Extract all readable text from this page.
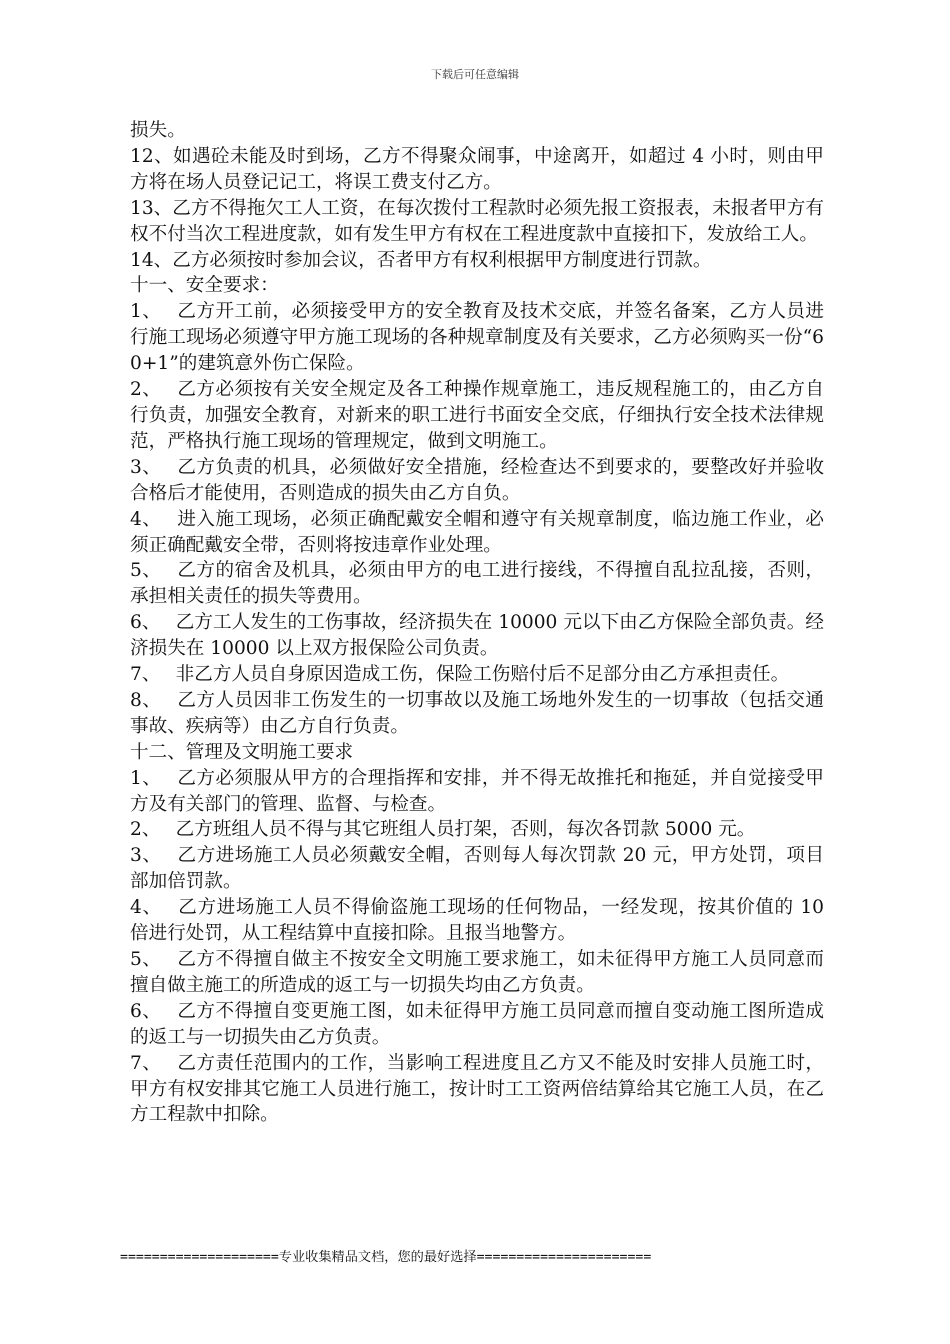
下载后可任意编辑

损失。

12、如遇砼未能及时到场，乙方不得聚众闹事，中途离开，如超过 4 小时，则由甲方将在场人员登记记工，将误工费支付乙方。

13、乙方不得拖欠工人工资，在每次拨付工程款时必须先报工资报表，未报者甲方有权不付当次工程进度款，如有发生甲方有权在工程进度款中直接扣下，发放给工人。

14、乙方必须按时参加会议，否者甲方有权利根据甲方制度进行罚款。

十一、安全要求：

1、　 乙方开工前，必须接受甲方的安全教育及技术交底，并签名备案，乙方人员进行施工现场必须遵守甲方施工现场的各种规章制度及有关要求，乙方必须购买一份“60+1”的建筑意外伤亡保险。

2、　 乙方必须按有关安全规定及各工种操作规章施工，违反规程施工的，由乙方自行负责，加强安全教育，对新来的职工进行书面安全交底，仔细执行安全技术法律规范，严格执行施工现场的管理规定，做到文明施工。

3、　 乙方负责的机具，必须做好安全措施，经检查达不到要求的，要整改好并验收合格后才能使用，否则造成的损失由乙方自负。

4、　 进入施工现场，必须正确配戴安全帽和遵守有关规章制度，临边施工作业，必须正确配戴安全带，否则将按违章作业处理。

5、　 乙方的宿舍及机具，必须由甲方的电工进行接线，不得擅自乱拉乱接，否则，承担相关责任的损失等费用。

6、　 乙方工人发生的工伤事故，经济损失在 10000 元以下由乙方保险全部负责。经济损失在 10000 以上双方报保险公司负责。

7、　 非乙方人员自身原因造成工伤，保险工伤赔付后不足部分由乙方承担责任。

8、　 乙方人员因非工伤发生的一切事故以及施工场地外发生的一切事故（包括交通事故、疾病等）由乙方自行负责。

十二、管理及文明施工要求

1、　 乙方必须服从甲方的合理指挥和安排，并不得无故推托和拖延，并自觉接受甲方及有关部门的管理、监督、与检查。

2、　 乙方班组人员不得与其它班组人员打架，否则，每次各罚款 5000 元。

3、　 乙方进场施工人员必须戴安全帽，否则每人每次罚款 20 元，甲方处罚，项目部加倍罚款。

4、　 乙方进场施工人员不得偷盗施工现场的任何物品，一经发现，按其价值的 10 倍进行处罚，从工程结算中直接扣除。且报当地警方。

5、　 乙方不得擅自做主不按安全文明施工要求施工，如未征得甲方施工人员同意而擅自做主施工的所造成的返工与一切损失均由乙方负责。

6、　 乙方不得擅自变更施工图，如未征得甲方施工员同意而擅自变动施工图所造成的返工与一切损失由乙方负责。

7、　 乙方责任范围内的工作，当影响工程进度且乙方又不能及时安排人员施工时，甲方有权安排其它施工人员进行施工，按计时工工资两倍结算给其它施工人员，在乙方工程款中扣除。

====================专业收集精品文档，您的最好选择======================
